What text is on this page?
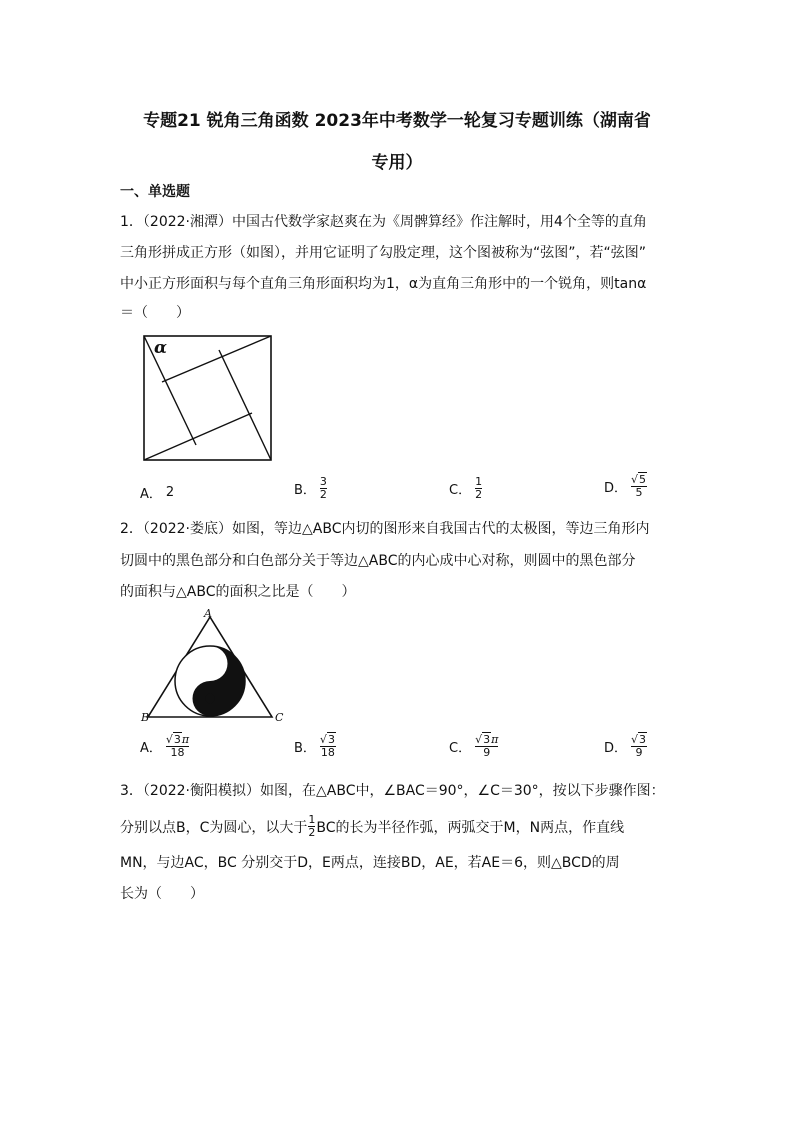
专题21 锐角三角函数 2023年中考数学一轮复习专题训练（湖南省
专用）
一、单选题
1．（2022·湘潭）中国古代数学家赵爽在为《周髀算经》作注解时，用4个全等的直角
三角形拼成正方形（如图），并用它证明了勾股定理，这个图被称为“弦图”，若“弦图”
中小正方形面积与每个直角三角形面积均为1，α为直角三角形中的一个锐角，则tanα
＝（　　）
α
A． 2	B． $\frac{3}{2}$	C． $\frac{1}{2}$	D． $\frac{√5}{5}$
2．（2022·娄底）如图，等边△ABC内切的图形来自我国古代的太极图，等边三角形内
切圆中的黑色部分和白色部分关于等边△ABC的内心成中心对称，则圆中的黑色部分
的面积与△ABC的面积之比是（　　）
A
B	C
A． $\frac{√3\pi}{18}$	B． $\frac{√3}{18}$	C． $\frac{√3\pi}{9}$	D． $\frac{√3}{9}$
3．（2022·衡阳模拟）如图，在△ABC中，∠BAC＝90°，∠C＝30°，按以下步骤作图：
分别以点B，C为圆心，以大于 $\frac{1}{2}$ BC的长为半径作弧，两弧交于M，N两点，作直线
MN，与边AC，BC 分别交于D，E两点，连接BD，AE，若AE＝6，则△BCD的周
长为（　　）
